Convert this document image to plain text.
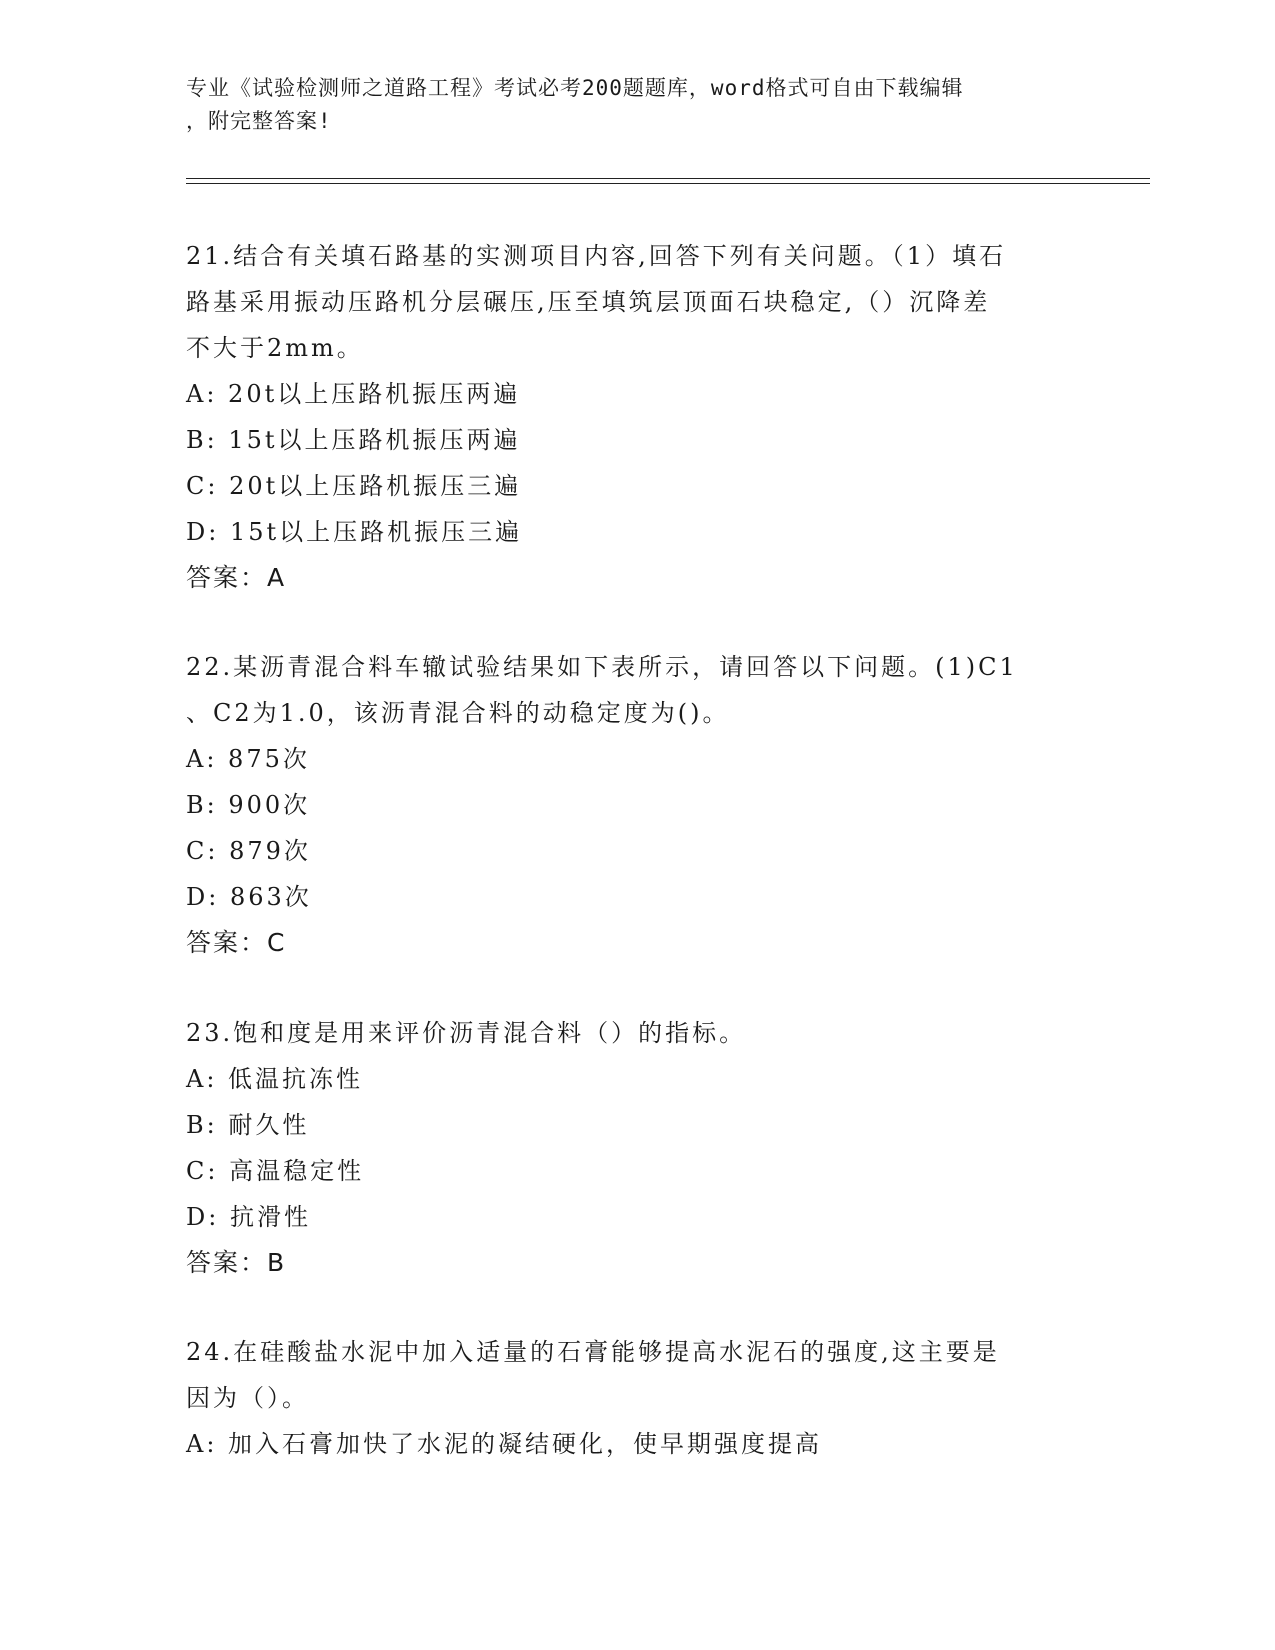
专业《试验检测师之道路工程》考试必考200题题库，word格式可自由下载编辑
，附完整答案!
21.结合有关填石路基的实测项目内容,回答下列有关问题。（1）填石
路基采用振动压路机分层碾压,压至填筑层顶面石块稳定,（）沉降差
不大于2mm。
A: 20t以上压路机振压两遍
B: 15t以上压路机振压两遍
C: 20t以上压路机振压三遍
D: 15t以上压路机振压三遍
答案：A
22.某沥青混合料车辙试验结果如下表所示，请回答以下问题。(1)C1
、C2为1.0，该沥青混合料的动稳定度为()。
A: 875次
B: 900次
C: 879次
D: 863次
答案：C
23.饱和度是用来评价沥青混合料（）的指标。
A: 低温抗冻性
B: 耐久性
C: 高温稳定性
D: 抗滑性
答案：B
24.在硅酸盐水泥中加入适量的石膏能够提高水泥石的强度,这主要是
因为（）。
A: 加入石膏加快了水泥的凝结硬化，使早期强度提高
